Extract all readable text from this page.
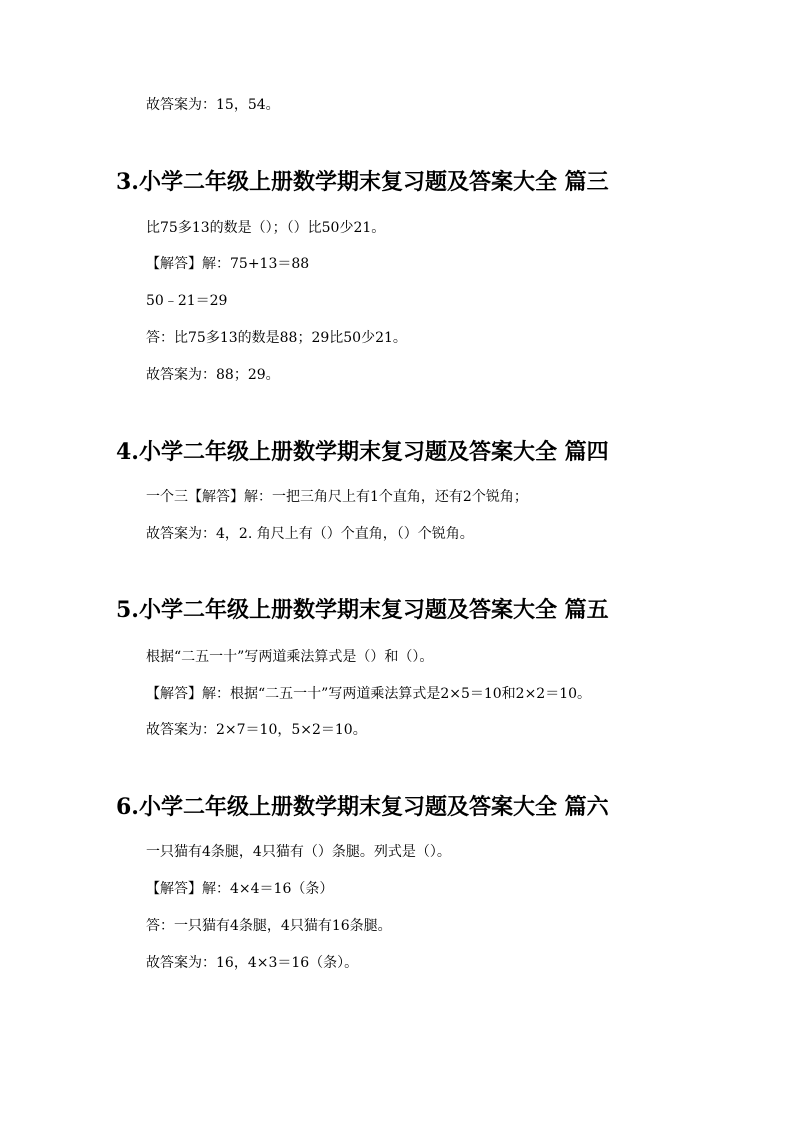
故答案为：15，54。
3.小学二年级上册数学期末复习题及答案大全 篇三
比75多13的数是（）；（）比50少21。
【解答】解：75+13＝88
50﹣21＝29
答：比75多13的数是88；29比50少21。
故答案为：88；29。
4.小学二年级上册数学期末复习题及答案大全 篇四
一个三【解答】解：一把三角尺上有1个直角，还有2个锐角；
故答案为：4，2. 角尺上有（）个直角，（）个锐角。
5.小学二年级上册数学期末复习题及答案大全 篇五
根据“二五一十”写两道乘法算式是（）和（）。
【解答】解：根据“二五一十”写两道乘法算式是2×5＝10和2×2＝10。
故答案为：2×7＝10，5×2＝10。
6.小学二年级上册数学期末复习题及答案大全 篇六
一只猫有4条腿，4只猫有（）条腿。列式是（）。
【解答】解：4×4＝16（条）
答：一只猫有4条腿，4只猫有16条腿。
故答案为：16，4×3＝16（条）。
